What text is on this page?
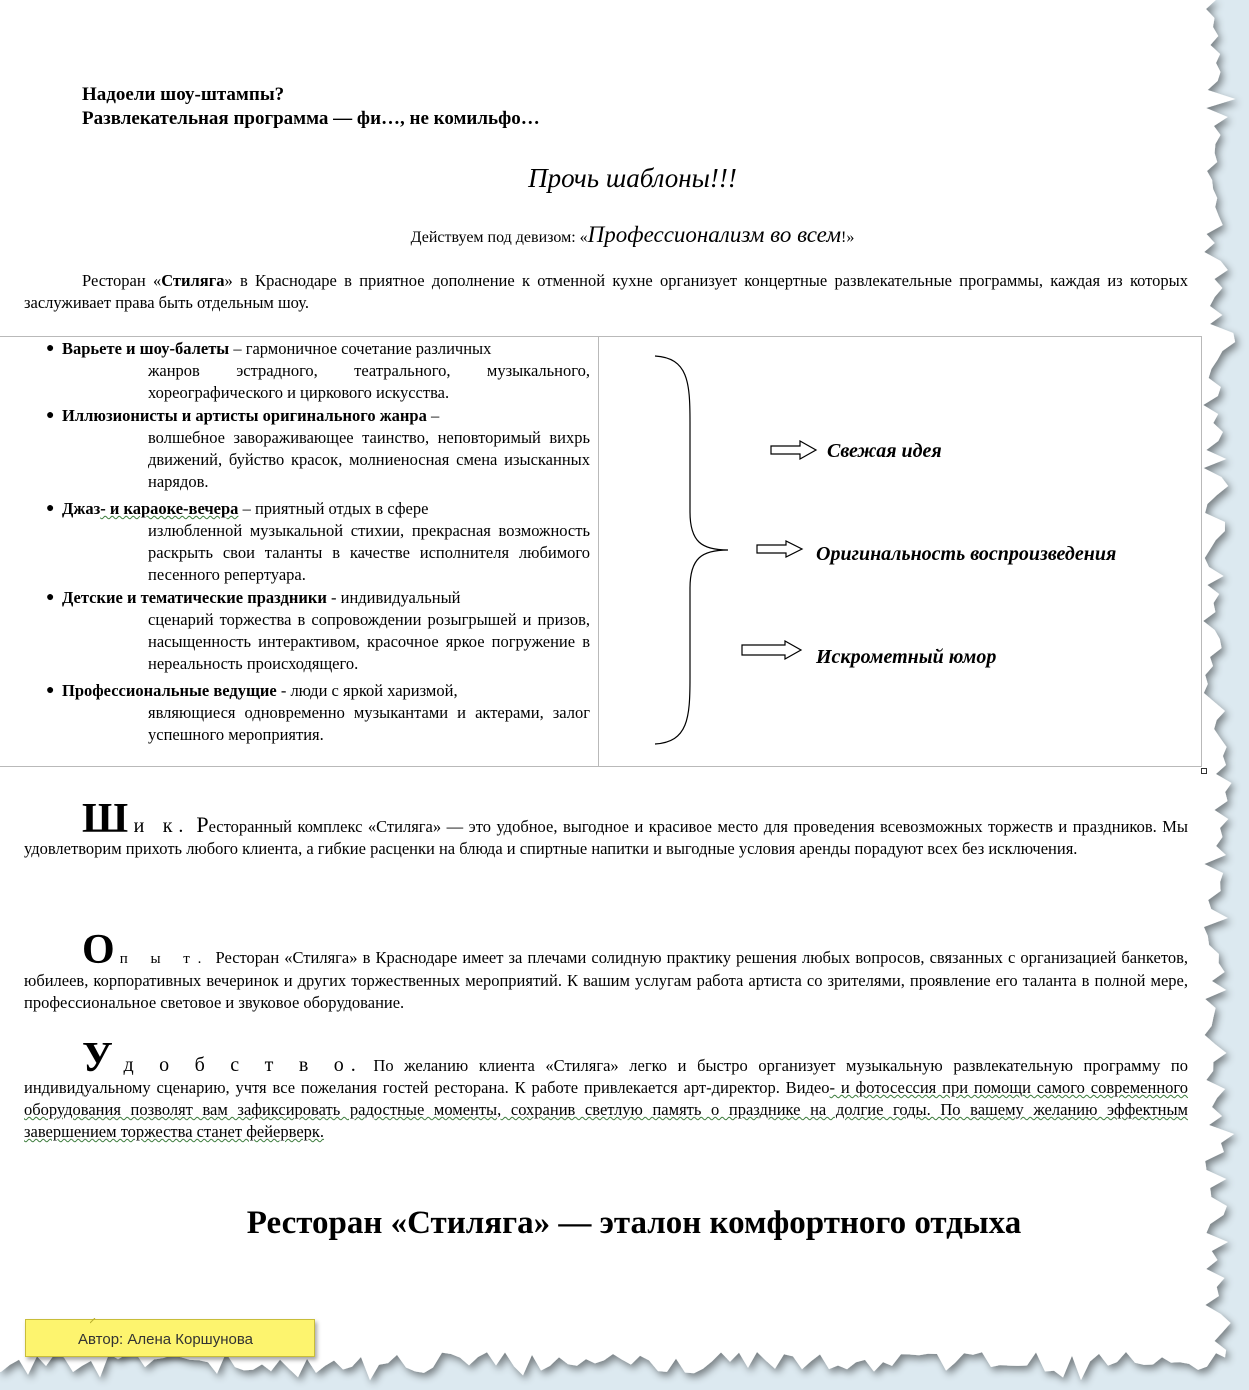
Надоели шоу-штампы?
Развлекательная программа — фи…, не комильфо…
Прочь шаблоны!!!
Действуем под девизом: «Профессионализм во всем!»
Ресторан «Стиляга» в Краснодаре в приятное дополнение к отменной кухне организует концертные развлекательные программы, каждая из которых заслуживает права быть отдельным шоу.
● Варьете и шоу-балеты – гармоничное сочетание различных
жанров эстрадного, театрального, музыкального, хореографического и циркового искусства.
● Иллюзионисты и артисты оригинального жанра –
волшебное завораживающее таинство, неповторимый вихрь движений, буйство красок, молниеносная смена изысканных нарядов.
● Джаз- и караоке-вечера – приятный отдых в сфере
излюбленной музыкальной стихии, прекрасная возможность раскрыть свои таланты в качестве исполнителя любимого песенного репертуара.
● Детские и тематические праздники - индивидуальный
сценарий торжества в сопровождении розыгрышей и призов, насыщенность интерактивом, красочное яркое погружение в нереальность происходящего.
● Профессиональные ведущие - люди с яркой харизмой,
являющиеся одновременно музыкантами и актерами, залог успешного мероприятия.
Свежая идея
Оригинальность воспроизведения
Искрометный юмор
Ш и к. Ресторанный комплекс «Стиляга» — это удобное, выгодное и красивое место для проведения всевозможных торжеств и праздников. Мы удовлетворим прихоть любого клиента, а гибкие расценки на блюда и спиртные напитки и выгодные условия аренды порадуют всех без исключения.
О п ы т. Ресторан «Стиляга» в Краснодаре имеет за плечами солидную практику решения любых вопросов, связанных с организацией банкетов, юбилеев, корпоративных вечеринок и других торжественных мероприятий. К вашим услугам работа артиста со зрителями, проявление его таланта в полной мере, профессиональное световое и звуковое оборудование.
У д о б с т в о. По желанию клиента «Стиляга» легко и быстро организует музыкальную развлекательную программу по индивидуальному сценарию, учтя все пожелания гостей ресторана. К работе привлекается арт-директор. Видео- и фотосессия при помощи самого современного оборудования позволят вам зафиксировать радостные моменты, сохранив светлую память о празднике на долгие годы. По вашему желанию эффектным завершением торжества станет фейерверк.
Ресторан «Стиляга» — эталон комфортного отдыха
Автор: Алена Коршунова
